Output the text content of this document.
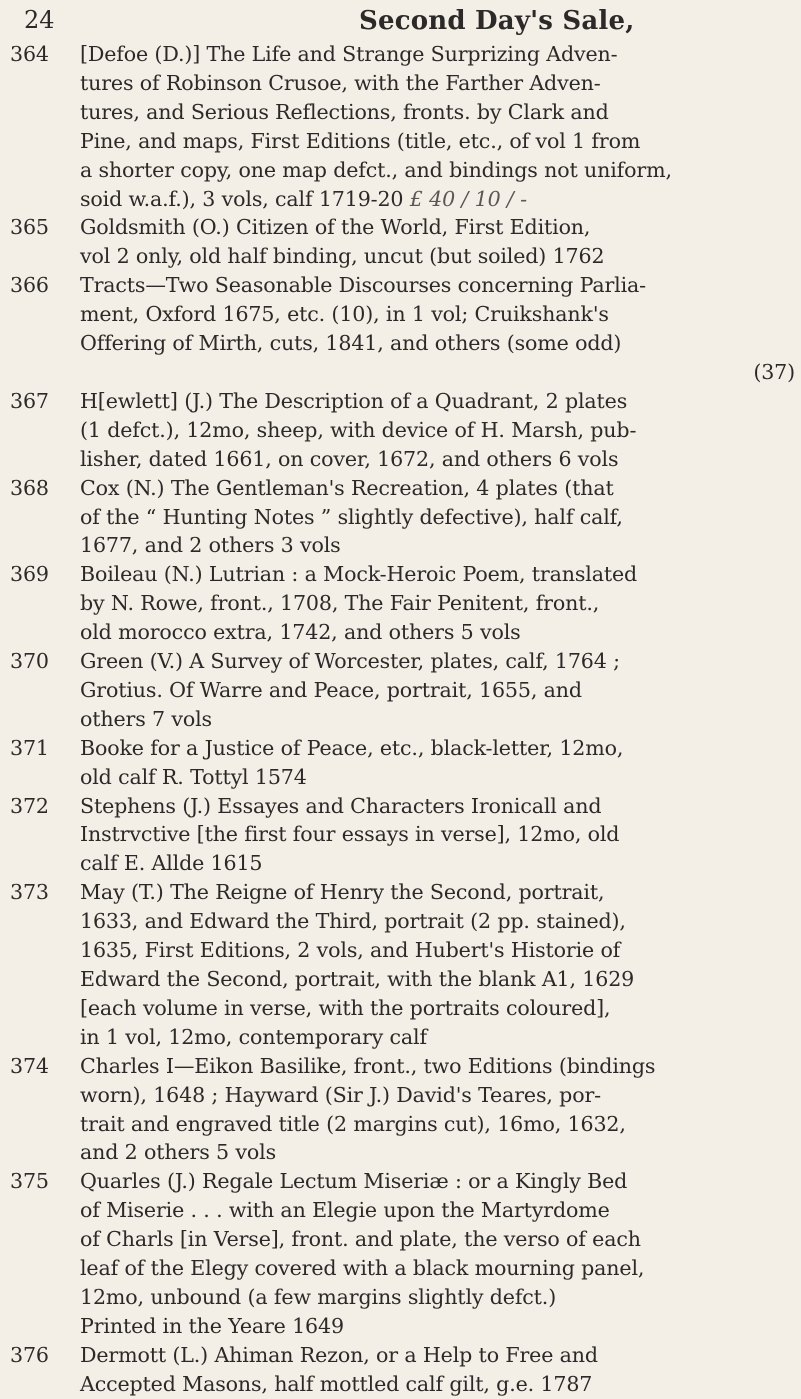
24	Second Day's Sale,
364	[Defoe (D.)] The Life and Strange Surprizing Adven-

tures of Robinson Crusoe, with the Farther Adven-

tures, and Serious Reflections, fronts. by Clark and

Pine, and maps, First Editions (title, etc., of vol 1 from

a shorter copy, one map defct., and bindings not uniform,

soid w.a.f.), 3 vols, calf 1719-20 £ 40 / 10 / -

365	Goldsmith (O.) Citizen of the World, First Edition,

vol 2 only, old half binding, uncut (but soiled) 1762

366	Tracts—Two Seasonable Discourses concerning Parlia-

ment, Oxford 1675, etc. (10), in 1 vol; Cruikshank's

Offering of Mirth, cuts, 1841, and others (some odd)

(37)

367	H[ewlett] (J.) The Description of a Quadrant, 2 plates

(1 defct.), 12mo, sheep, with device of H. Marsh, pub-

lisher, dated 1661, on cover, 1672, and others 6 vols

368	Cox (N.) The Gentleman's Recreation, 4 plates (that

of the “ Hunting Notes ” slightly defective), half calf,

1677, and 2 others 3 vols

369	Boileau (N.) Lutrian : a Mock-Heroic Poem, translated

by N. Rowe, front., 1708, The Fair Penitent, front.,

old morocco extra, 1742, and others 5 vols

370	Green (V.) A Survey of Worcester, plates, calf, 1764 ;

Grotius. Of Warre and Peace, portrait, 1655, and

others 7 vols

371	Booke for a Justice of Peace, etc., black-letter, 12mo,

old calf R. Tottyl 1574

372	Stephens (J.) Essayes and Characters Ironicall and

Instrvctive [the first four essays in verse], 12mo, old

calf E. Allde 1615

373	May (T.) The Reigne of Henry the Second, portrait,

1633, and Edward the Third, portrait (2 pp. stained),

1635, First Editions, 2 vols, and Hubert's Historie of

Edward the Second, portrait, with the blank A1, 1629

[each volume in verse, with the portraits coloured],

in 1 vol, 12mo, contemporary calf

374	Charles I—Eikon Basilike, front., two Editions (bindings

worn), 1648 ; Hayward (Sir J.) David's Teares, por-

trait and engraved title (2 margins cut), 16mo, 1632,

and 2 others 5 vols

375	Quarles (J.) Regale Lectum Miseriæ : or a Kingly Bed

of Miserie . . . with an Elegie upon the Martyrdome

of Charls [in Verse], front. and plate, the verso of each

leaf of the Elegy covered with a black mourning panel,

12mo, unbound (a few margins slightly defct.)

Printed in the Yeare 1649

376	Dermott (L.) Ahiman Rezon, or a Help to Free and

Accepted Masons, half mottled calf gilt, g.e. 1787
